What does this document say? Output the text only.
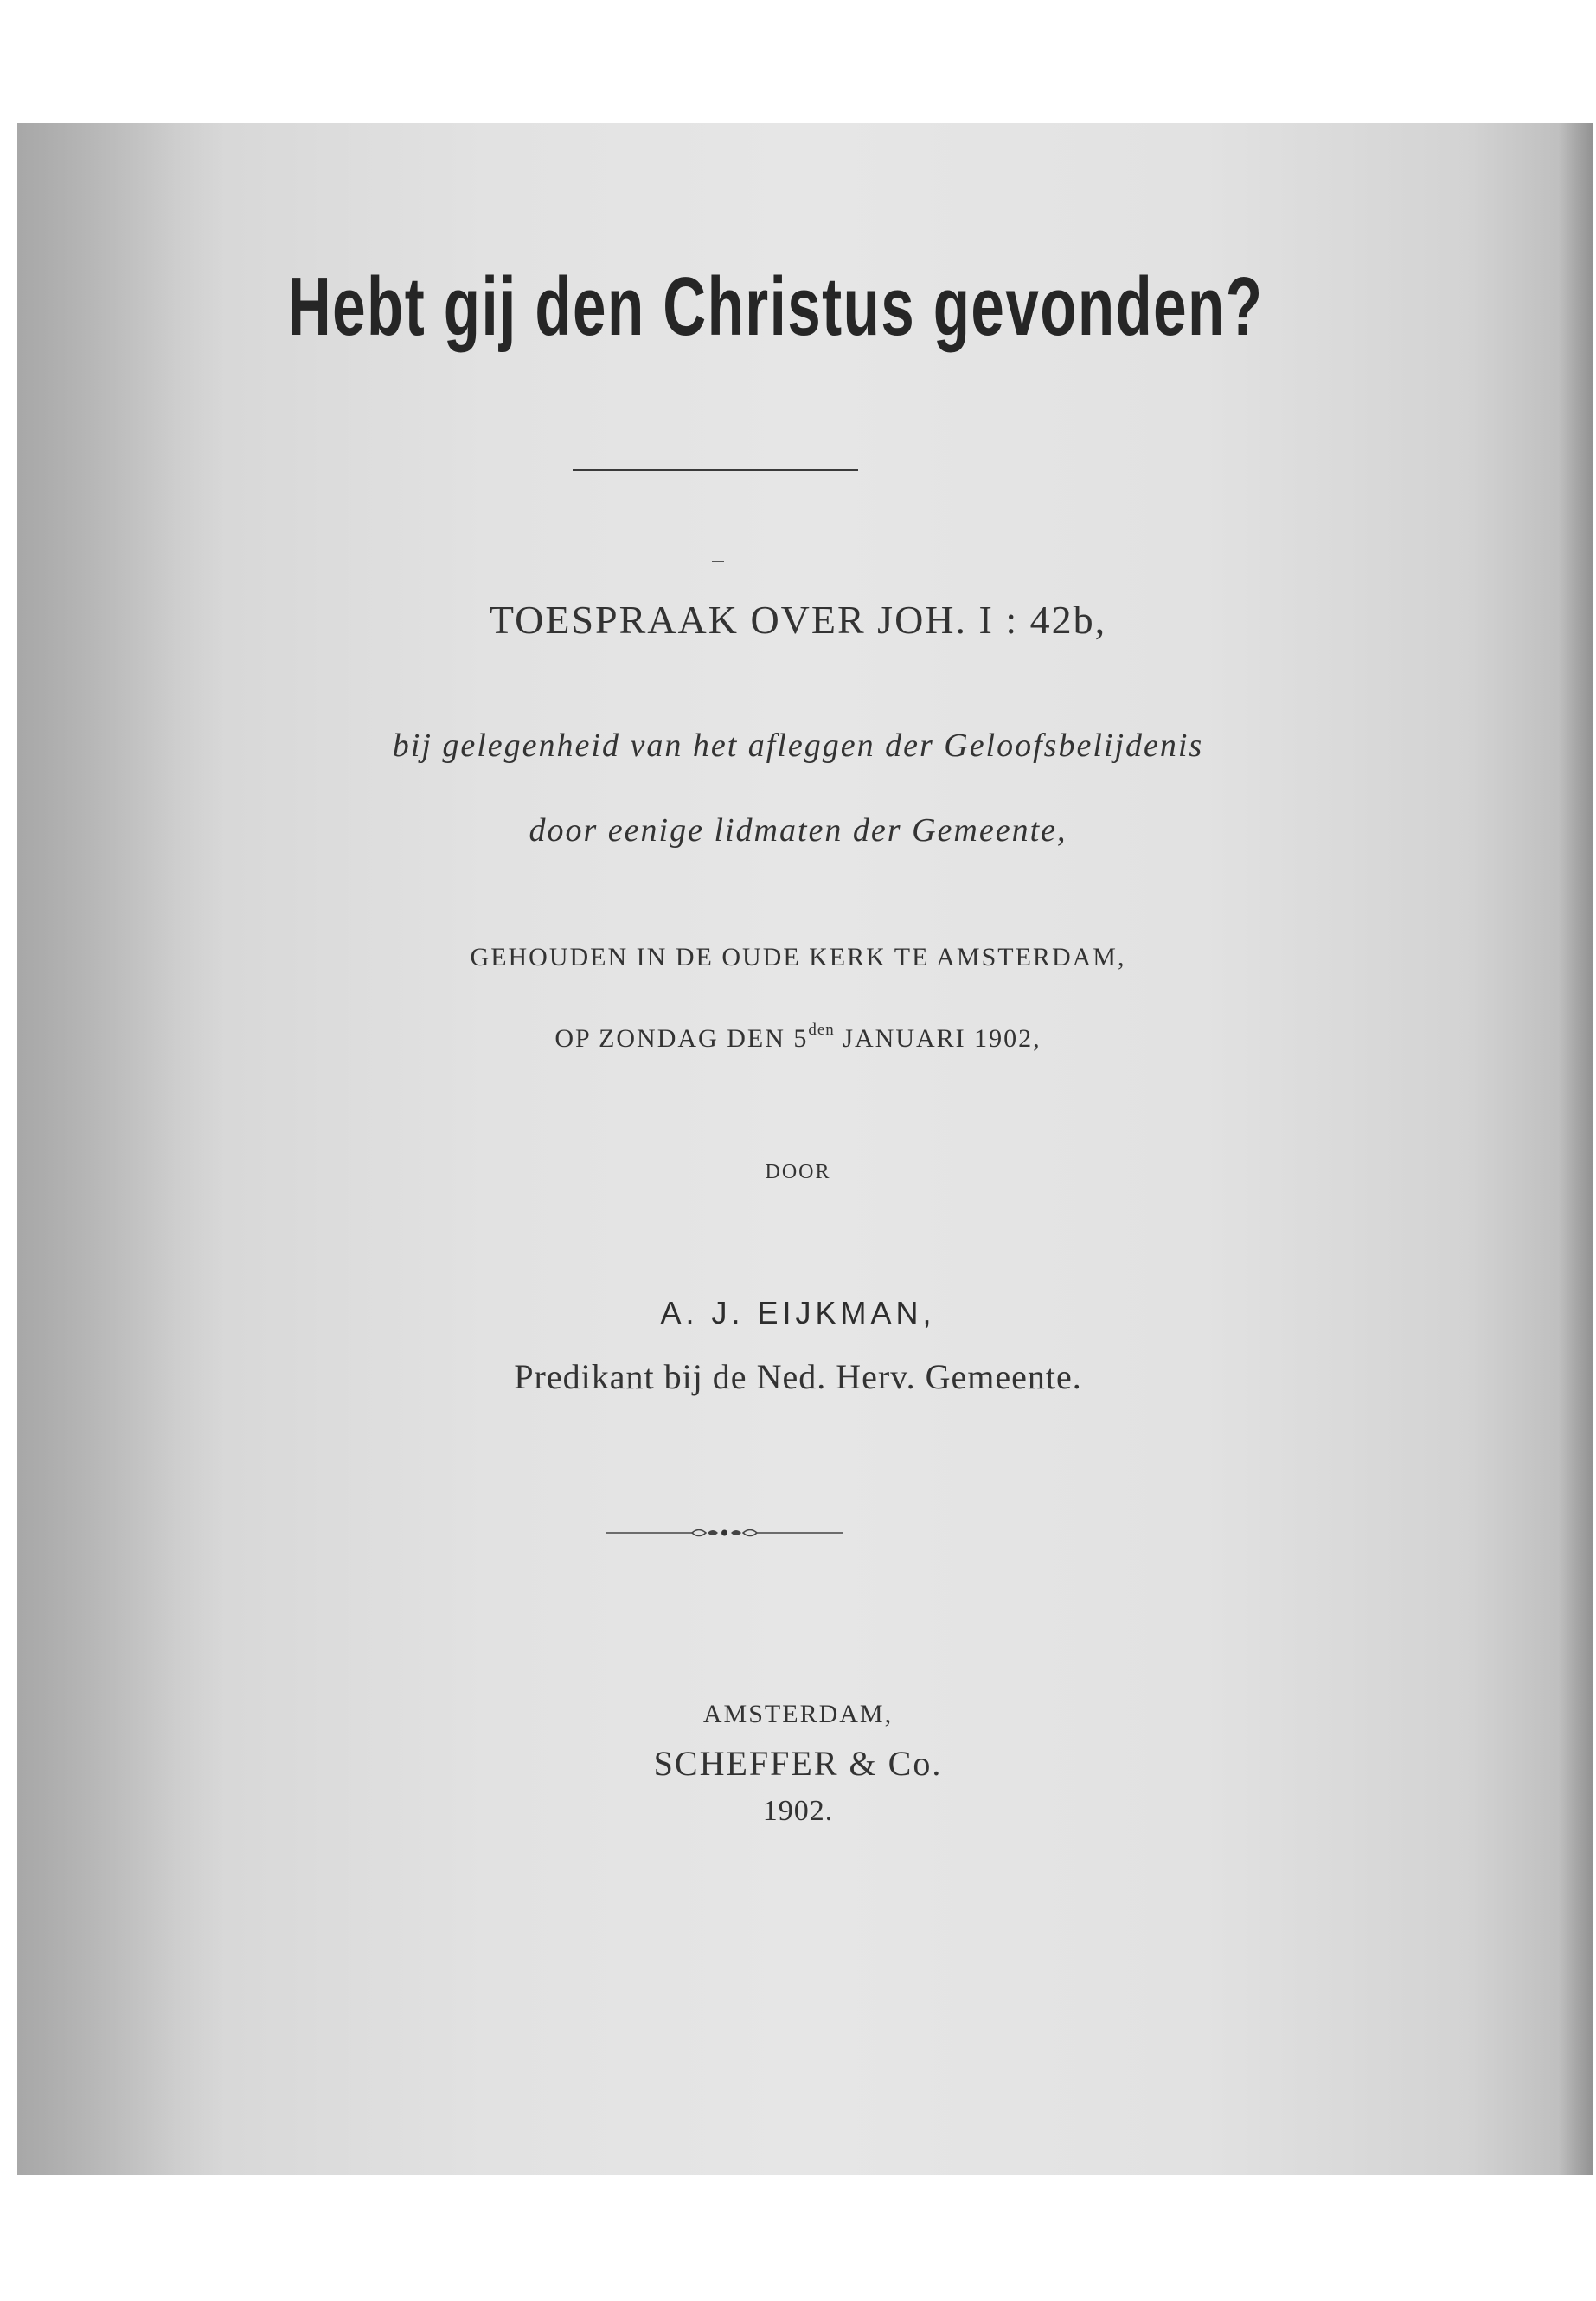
Hebt gij den Christus gevonden?
TOESPRAAK OVER JOH. I : 42b,
bij gelegenheid van het afleggen der Geloofsbelijdenis
door eenige lidmaten der Gemeente,
GEHOUDEN IN DE OUDE KERK TE AMSTERDAM,
OP ZONDAG DEN $5^{den}$ JANUARI 1902,
DOOR
A. J. EIJKMAN,
Predikant bij de Ned. Herv. Gemeente.
AMSTERDAM,
SCHEFFER & Co.
1902.
